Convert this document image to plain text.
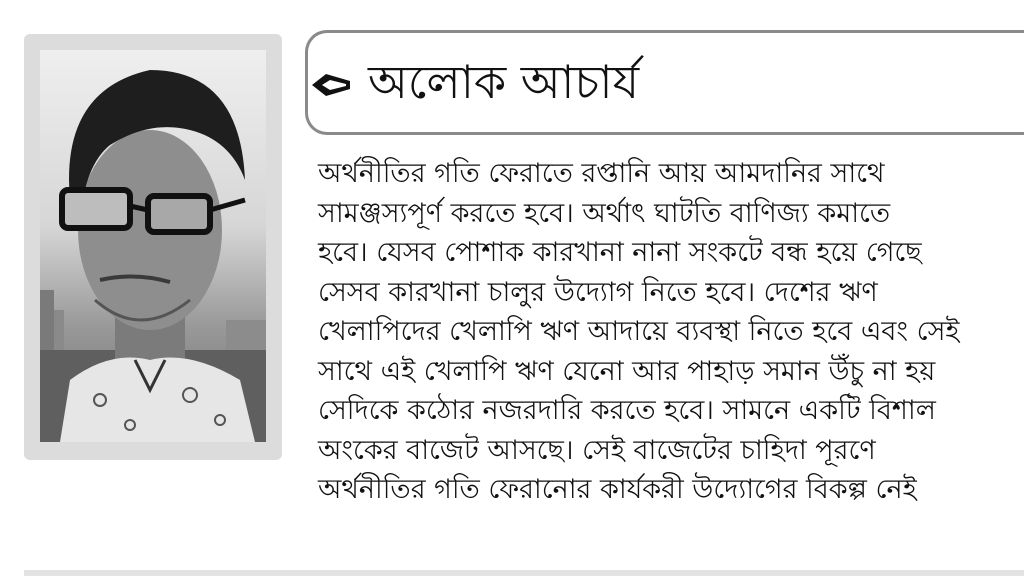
অলোক আচার্য
অর্থনীতির গতি ফেরাতে রপ্তানি আয় আমদানির সাথে
সামঞ্জস্যপূর্ণ করতে হবে। অর্থাৎ ঘাটতি বাণিজ্য কমাতে
হবে। যেসব পোশাক কারখানা নানা সংকটে বন্ধ হয়ে গেছে
সেসব কারখানা চালুর উদ্যোগ নিতে হবে। দেশের ঋণ
খেলাপিদের খেলাপি ঋণ আদায়ে ব্যবস্থা নিতে হবে এবং সেই
সাথে এই খেলাপি ঋণ যেনো আর পাহাড় সমান উঁচু না হয়
সেদিকে কঠোর নজরদারি করতে হবে। সামনে একটি বিশাল
অংকের বাজেট আসছে। সেই বাজেটের চাহিদা পূরণে
অর্থনীতির গতি ফেরানোর কার্যকরী উদ্যোগের বিকল্প নেই
